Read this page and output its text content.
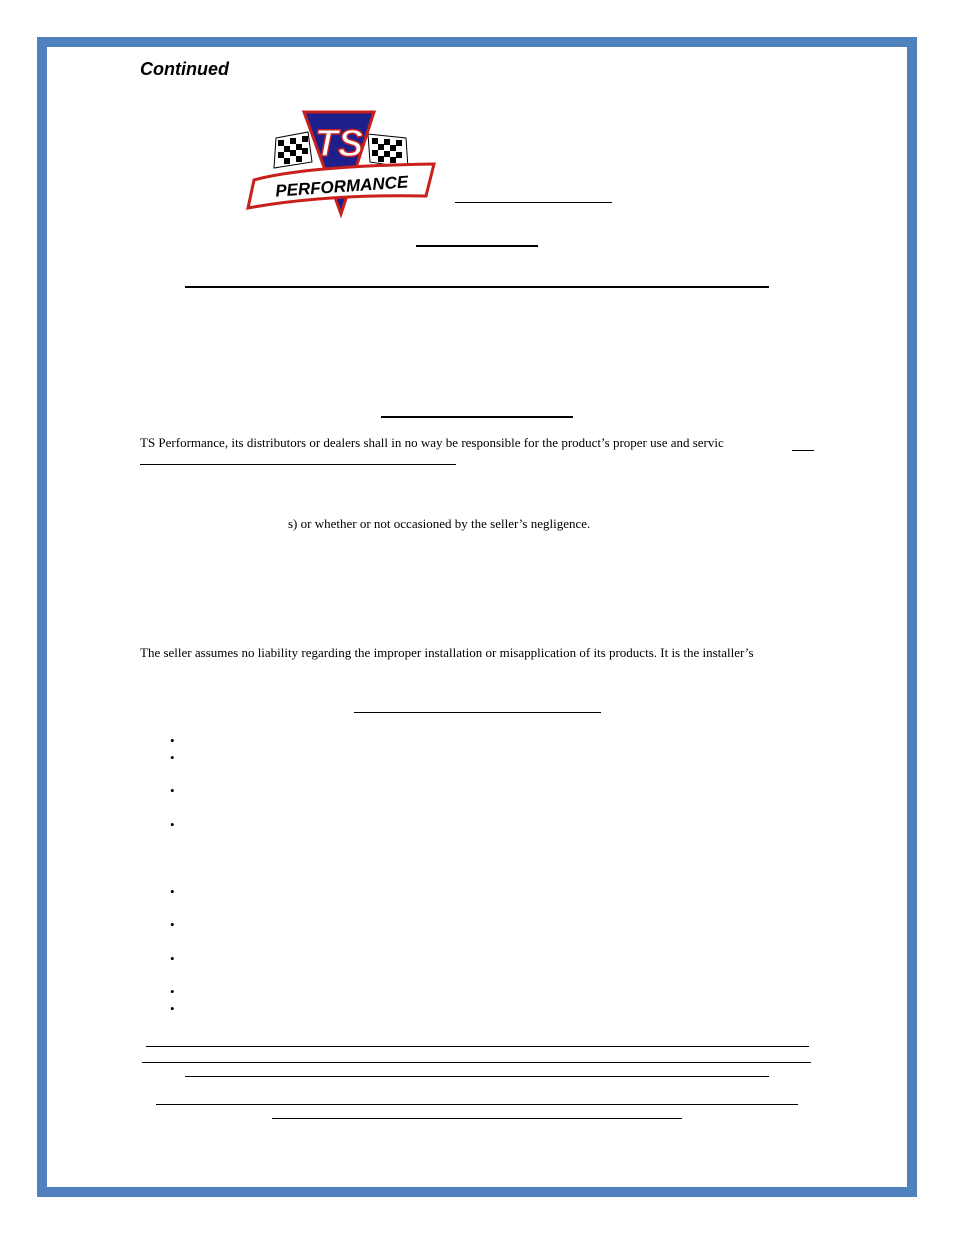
Continued
TS
PERFORMANCE
TS Performance, its distributors or dealers shall in no way be responsible for the product’s proper use and servic
s) or whether or not occasioned by the seller’s negligence.
The seller assumes no liability regarding the improper installation or misapplication of its products. It is the installer’s
•
•
•
•
•
•
•
•
•
